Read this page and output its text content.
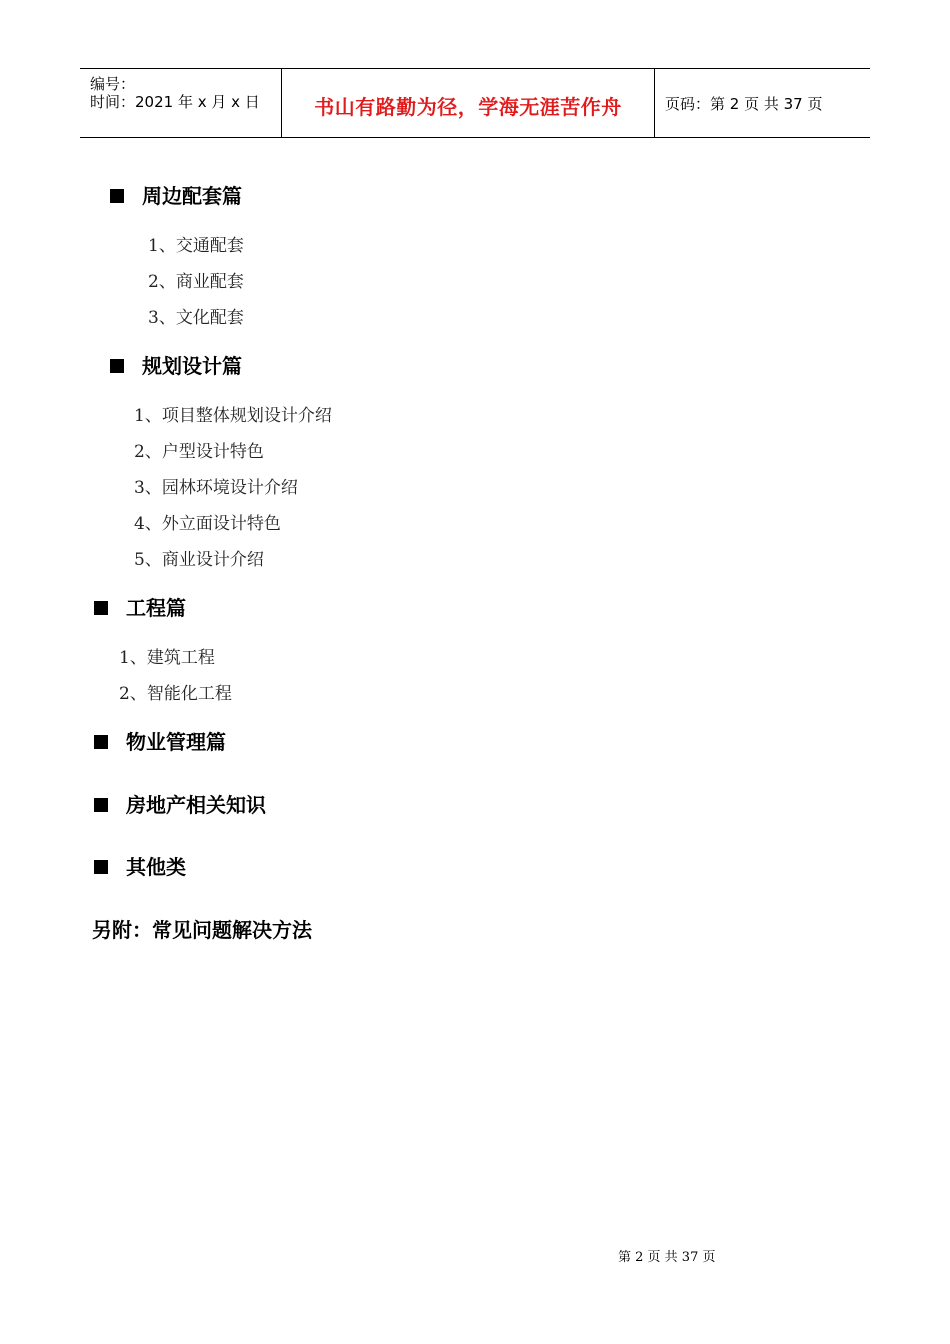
编号：
时间：2021 年 x 月 x 日	书山有路勤为径，学海无涯苦作舟	页码：第 2 页 共 37 页
周边配套篇
1、交通配套
2、商业配套
3、文化配套
规划设计篇
1、项目整体规划设计介绍
2、户型设计特色
3、园林环境设计介绍
4、外立面设计特色
5、商业设计介绍
工程篇
1、建筑工程
2、智能化工程
物业管理篇
房地产相关知识
其他类
另附：常见问题解决方法
第 2 页 共 37 页
